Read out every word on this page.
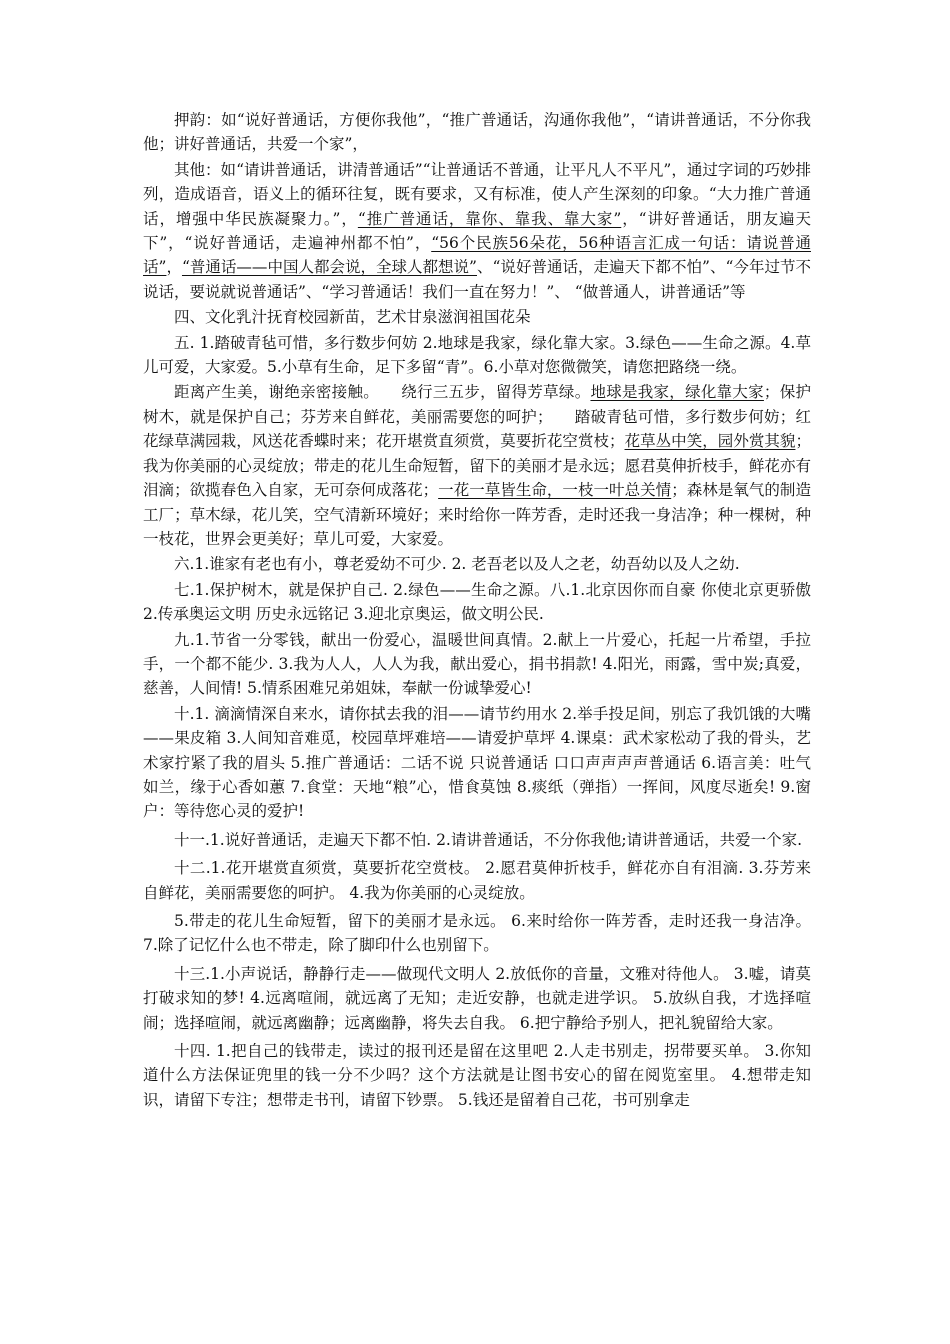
押韵：如“说好普通话，方便你我他”，“推广普通话，沟通你我他”，“请讲普通话，不分你我他；讲好普通话，共爱一个家”，

其他：如“请讲普通话，讲清普通话”“让普通话不普通，让平凡人不平凡”，通过字词的巧妙排列，造成语音，语义上的循环往复，既有要求，又有标准，使人产生深刻的印象。“大力推广普通话，增强中华民族凝聚力。”，“推广普通话，靠你、靠我、靠大家”，“讲好普通话，朋友遍天下”，“说好普通话，走遍神州都不怕”，“56个民族56朵花，56种语言汇成一句话：请说普通话”，“普通话——中国人都会说，全球人都想说”、“说好普通话，走遍天下都不怕”、“今年过节不说话，要说就说普通话”、“学习普通话！我们一直在努力！”、 “做普通人，讲普通话”等

四、文化乳汁抚育校园新苗，艺术甘泉滋润祖国花朵

五. 1.踏破青毡可惜，多行数步何妨 2.地球是我家，绿化靠大家。3.绿色——生命之源。4.草儿可爱，大家爱。5.小草有生命，足下多留“青”。6.小草对您微微笑，请您把路绕一绕。

距离产生美，谢绝亲密接触。 绕行三五步，留得芳草绿。地球是我家，绿化靠大家；保护树木，就是保护自己；芬芳来自鲜花，美丽需要您的呵护； 踏破青毡可惜，多行数步何妨；红花绿草满园栽，风送花香蝶时来；花开堪赏直须赏，莫要折花空赏枝；花草丛中笑，园外赏其貌；我为你美丽的心灵绽放；带走的花儿生命短暂，留下的美丽才是永远；愿君莫伸折枝手，鲜花亦有泪滴；欲揽春色入自家，无可奈何成落花；一花一草皆生命，一枝一叶总关情；森林是氧气的制造工厂；草木绿，花儿笑，空气清新环境好；来时给你一阵芳香，走时还我一身洁净；种一棵树，种一枝花，世界会更美好；草儿可爱，大家爱。

六.1.谁家有老也有小，尊老爱幼不可少. 2. 老吾老以及人之老，幼吾幼以及人之幼.

七.1.保护树木，就是保护自己. 2.绿色——生命之源。八.1.北京因你而自豪 你使北京更骄傲 2.传承奥运文明 历史永远铭记 3.迎北京奥运，做文明公民.

九.1.节省一分零钱，献出一份爱心，温暖世间真情。2.献上一片爱心，托起一片希望，手拉手，一个都不能少. 3.我为人人，人人为我，献出爱心，捐书捐款! 4.阳光，雨露，雪中炭;真爱，慈善，人间情! 5.情系困难兄弟姐妹，奉献一份诚挚爱心!

十.1. 滴滴情深自来水，请你拭去我的泪——请节约用水 2.举手投足间，别忘了我饥饿的大嘴——果皮箱 3.人间知音难觅，校园草坪难培——请爱护草坪 4.课桌：武术家松动了我的骨头，艺术家拧紧了我的眉头 5.推广普通话：二话不说 只说普通话 口口声声声声普通话 6.语言美：吐气如兰，缘于心香如蕙 7.食堂：天地“粮”心，惜食莫蚀 8.痰纸（弹指）一挥间，风度尽逝矣! 9.窗户：等待您心灵的爱护!

十一.1.说好普通话，走遍天下都不怕. 2.请讲普通话，不分你我他;请讲普通话，共爱一个家.

十二.1.花开堪赏直须赏，莫要折花空赏枝。 2.愿君莫伸折枝手，鲜花亦自有泪滴. 3.芬芳来自鲜花，美丽需要您的呵护。 4.我为你美丽的心灵绽放。

5.带走的花儿生命短暂，留下的美丽才是永远。 6.来时给你一阵芳香，走时还我一身洁净。 7.除了记忆什么也不带走，除了脚印什么也别留下。

十三.1.小声说话，静静行走——做现代文明人 2.放低你的音量，文雅对待他人。 3.嘘，请莫打破求知的梦! 4.远离喧闹，就远离了无知；走近安静，也就走进学识。 5.放纵自我，才选择喧闹；选择喧闹，就远离幽静；远离幽静，将失去自我。 6.把宁静给予别人，把礼貌留给大家。

十四. 1.把自己的钱带走，读过的报刊还是留在这里吧 2.人走书别走，拐带要买单。 3.你知道什么方法保证兜里的钱一分不少吗？这个方法就是让图书安心的留在阅览室里。 4.想带走知识，请留下专注；想带走书刊，请留下钞票。 5.钱还是留着自己花，书可别拿走
